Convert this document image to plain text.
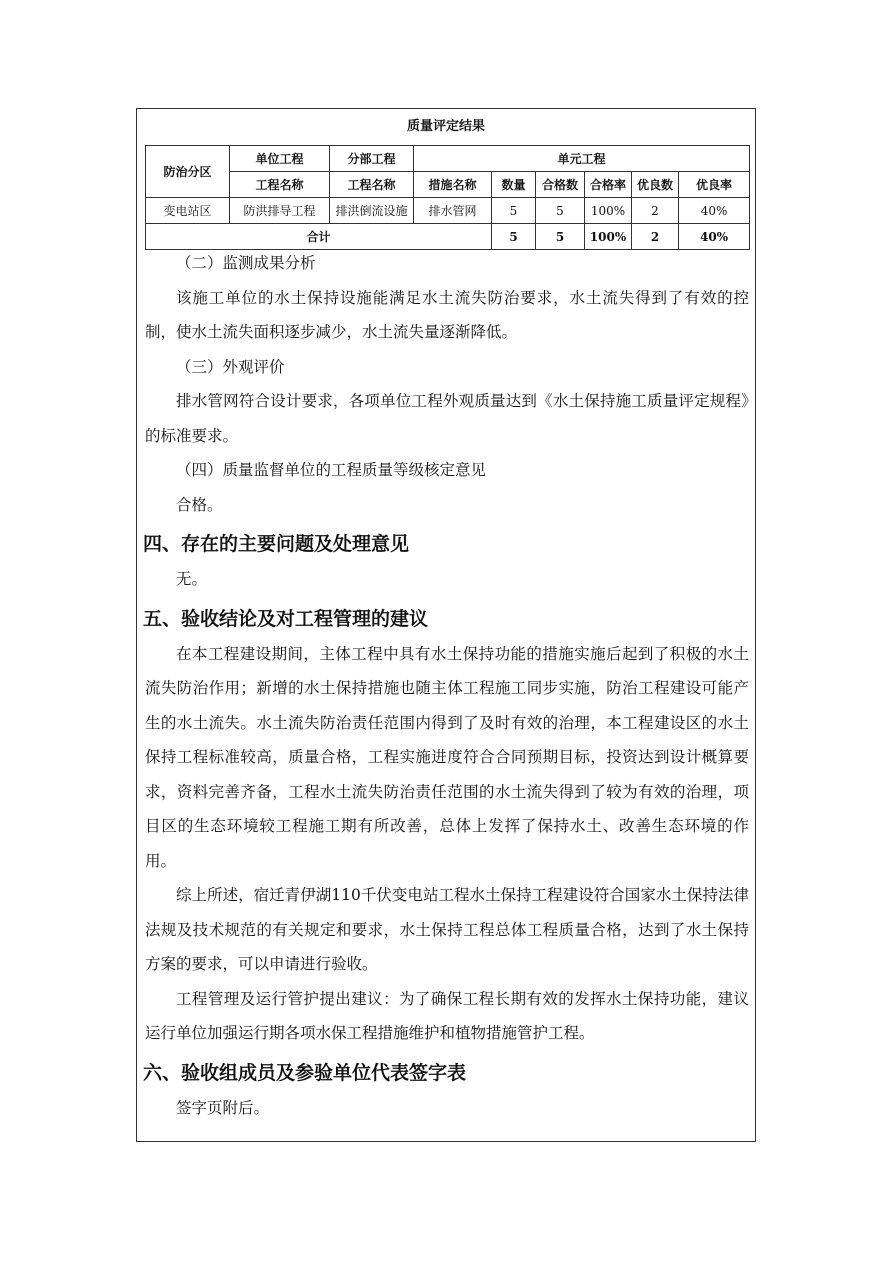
质量评定结果
防治分区	单位工程	分部工程	单元工程					
	工程名称	工程名称	措施名称	数量	合格数	合格率	优良数	优良率
变电站区	防洪排导工程	排洪倒流设施	排水管网	5	5	100%	2	40%
合计				5	5	100%	2	40%

（二）监测成果分析

该施工单位的水土保持设施能满足水土流失防治要求，水土流失得到了有效的控制，使水土流失面积逐步减少，水土流失量逐渐降低。

（三）外观评价

排水管网符合设计要求，各项单位工程外观质量达到《水土保持施工质量评定规程》的标准要求。

（四）质量监督单位的工程质量等级核定意见

合格。

四、存在的主要问题及处理意见

无。

五、验收结论及对工程管理的建议

在本工程建设期间，主体工程中具有水土保持功能的措施实施后起到了积极的水土流失防治作用；新增的水土保持措施也随主体工程施工同步实施，防治工程建设可能产生的水土流失。水土流失防治责任范围内得到了及时有效的治理，本工程建设区的水土保持工程标准较高，质量合格，工程实施进度符合合同预期目标，投资达到设计概算要求，资料完善齐备，工程水土流失防治责任范围的水土流失得到了较为有效的治理，项目区的生态环境较工程施工期有所改善，总体上发挥了保持水土、改善生态环境的作用。

综上所述，宿迁青伊湖110千伏变电站工程水土保持工程建设符合国家水土保持法律法规及技术规范的有关规定和要求，水土保持工程总体工程质量合格，达到了水土保持方案的要求，可以申请进行验收。

工程管理及运行管护提出建议：为了确保工程长期有效的发挥水土保持功能，建议运行单位加强运行期各项水保工程措施维护和植物措施管护工程。

六、验收组成员及参验单位代表签字表

签字页附后。
